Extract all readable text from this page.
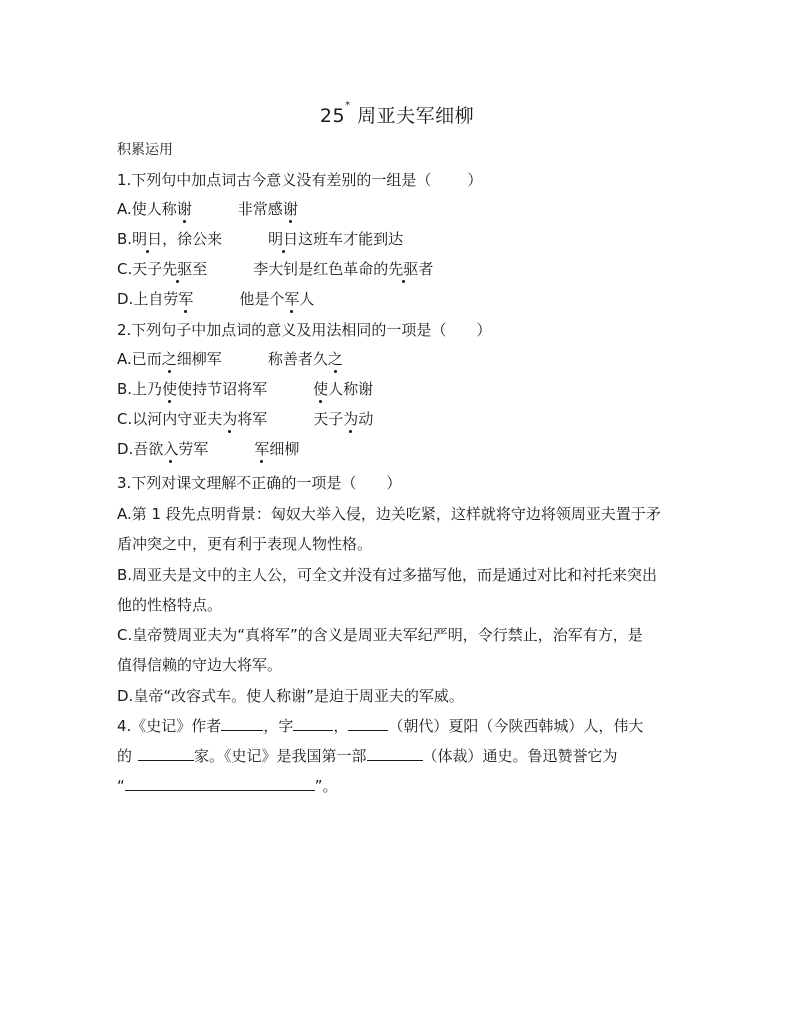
25* 周亚夫军细柳
积累运用
1.下列句中加点词古今意义没有差别的一组是（ ）
A.使人称谢	非常感谢
B.明日，徐公来	明日这班车才能到达
C.天子先驱至	李大钊是红色革命的先驱者
D.上自劳军	他是个军人
2.下列句子中加点词的意义及用法相同的一项是（ ）
A.已而之细柳军	称善者久之
B.上乃使使持节诏将军	使人称谢
C.以河内守亚夫为将军	天子为动
D.吾欲入劳军	军细柳
3.下列对课文理解不正确的一项是（ ）
A.第 1 段先点明背景：匈奴大举入侵，边关吃紧，这样就将守边将领周亚夫置于矛
盾冲突之中，更有利于表现人物性格。
B.周亚夫是文中的主人公，可全文并没有过多描写他，而是通过对比和衬托来突出
他的性格特点。
C.皇帝赞周亚夫为“真将军”的含义是周亚夫军纪严明，令行禁止，治军有方，是
值得信赖的守边大将军。
D.皇帝“改容式车。使人称谢”是迫于周亚夫的军威。
4.《史记》作者	，字	，	（朝代）夏阳（今陕西韩城）人，伟大
的	家。《史记》是我国第一部	（体裁）通史。鲁迅赞誉它为
“	”。
